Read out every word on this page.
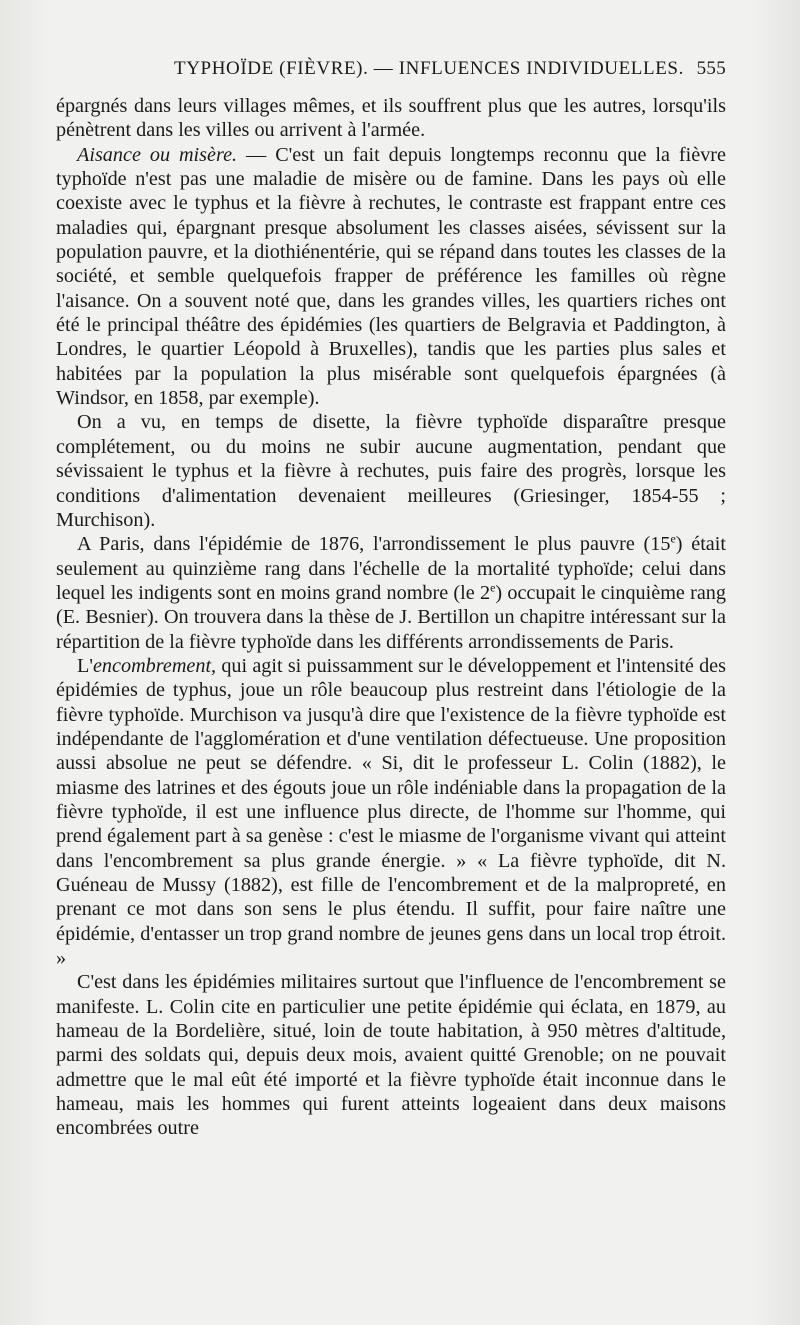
TYPHOÏDE (FIÈVRE). — INFLUENCES INDIVIDUELLES. 555

épargnés dans leurs villages mêmes, et ils souffrent plus que les autres, lorsqu'ils pénètrent dans les villes ou arrivent à l'armée.

Aisance ou misère. — C'est un fait depuis longtemps reconnu que la fièvre typhoïde n'est pas une maladie de misère ou de famine. Dans les pays où elle coexiste avec le typhus et la fièvre à rechutes, le contraste est frappant entre ces maladies qui, épargnant presque absolument les classes aisées, sévissent sur la population pauvre, et la diothiénentérie, qui se répand dans toutes les classes de la société, et semble quelquefois frapper de préférence les familles où règne l'aisance. On a souvent noté que, dans les grandes villes, les quartiers riches ont été le principal théâtre des épidémies (les quartiers de Belgravia et Paddington, à Londres, le quartier Léopold à Bruxelles), tandis que les parties plus sales et habitées par la population la plus misérable sont quelquefois épargnées (à Windsor, en 1858, par exemple).

On a vu, en temps de disette, la fièvre typhoïde disparaître presque complétement, ou du moins ne subir aucune augmentation, pendant que sévissaient le typhus et la fièvre à rechutes, puis faire des progrès, lorsque les conditions d'alimentation devenaient meilleures (Griesinger, 1854-55 ; Murchison).

A Paris, dans l'épidémie de 1876, l'arrondissement le plus pauvre (15e) était seulement au quinzième rang dans l'échelle de la mortalité typhoïde; celui dans lequel les indigents sont en moins grand nombre (le 2e) occupait le cinquième rang (E. Besnier). On trouvera dans la thèse de J. Bertillon un chapitre intéressant sur la répartition de la fièvre typhoïde dans les différents arrondissements de Paris.

L'encombrement, qui agit si puissamment sur le développement et l'intensité des épidémies de typhus, joue un rôle beaucoup plus restreint dans l'étiologie de la fièvre typhoïde. Murchison va jusqu'à dire que l'existence de la fièvre typhoïde est indépendante de l'agglomération et d'une ventilation défectueuse. Une proposition aussi absolue ne peut se défendre. « Si, dit le professeur L. Colin (1882), le miasme des latrines et des égouts joue un rôle indéniable dans la propagation de la fièvre typhoïde, il est une influence plus directe, de l'homme sur l'homme, qui prend également part à sa genèse : c'est le miasme de l'organisme vivant qui atteint dans l'encombrement sa plus grande énergie. » « La fièvre typhoïde, dit N. Guéneau de Mussy (1882), est fille de l'encombrement et de la malpropreté, en prenant ce mot dans son sens le plus étendu. Il suffit, pour faire naître une épidémie, d'entasser un trop grand nombre de jeunes gens dans un local trop étroit. »

C'est dans les épidémies militaires surtout que l'influence de l'encombrement se manifeste. L. Colin cite en particulier une petite épidémie qui éclata, en 1879, au hameau de la Bordelière, situé, loin de toute habitation, à 950 mètres d'altitude, parmi des soldats qui, depuis deux mois, avaient quitté Grenoble; on ne pouvait admettre que le mal eût été importé et la fièvre typhoïde était inconnue dans le hameau, mais les hommes qui furent atteints logeaient dans deux maisons encombrées outre
